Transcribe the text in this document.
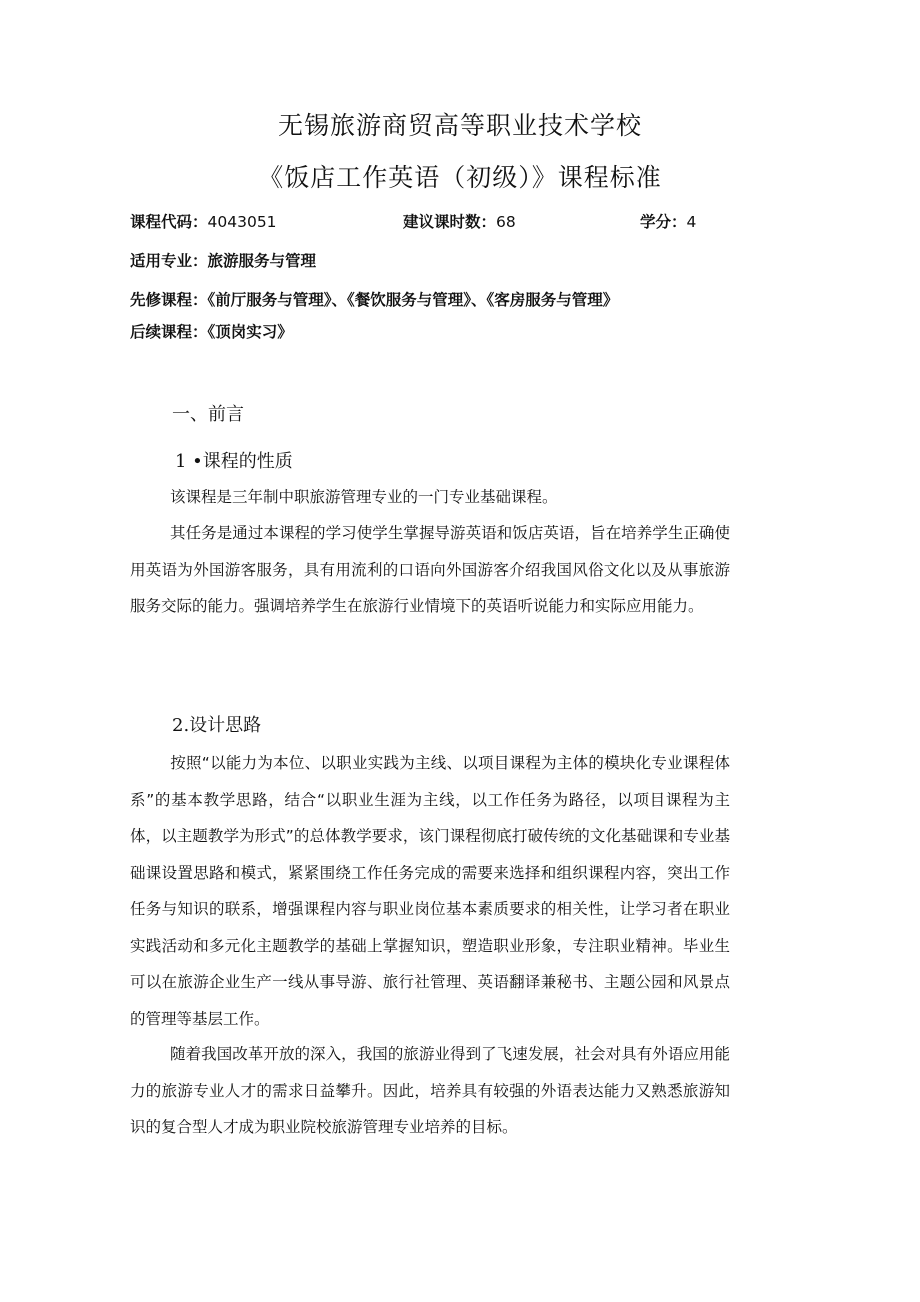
无锡旅游商贸高等职业技术学校
《饭店工作英语（初级）》课程标准
课程代码：4043051	建议课时数：68	学分：4
适用专业：旅游服务与管理
先修课程：《前厅服务与管理》、《餐饮服务与管理》、《客房服务与管理》
后续课程：《顶岗实习》
一、前言
1 •课程的性质
该课程是三年制中职旅游管理专业的一门专业基础课程。
其任务是通过本课程的学习使学生掌握导游英语和饭店英语，旨在培养学生正确使用英语为外国游客服务，具有用流利的口语向外国游客介绍我国风俗文化以及从事旅游服务交际的能力。强调培养学生在旅游行业情境下的英语听说能力和实际应用能力。
2.设计思路
按照“以能力为本位、以职业实践为主线、以项目课程为主体的模块化专业课程体系”的基本教学思路，结合“以职业生涯为主线，以工作任务为路径，以项目课程为主体，以主题教学为形式”的总体教学要求，该门课程彻底打破传统的文化基础课和专业基础课设置思路和模式，紧紧围绕工作任务完成的需要来选择和组织课程内容，突出工作任务与知识的联系，增强课程内容与职业岗位基本素质要求的相关性，让学习者在职业实践活动和多元化主题教学的基础上掌握知识，塑造职业形象，专注职业精神。毕业生可以在旅游企业生产一线从事导游、旅行社管理、英语翻译兼秘书、主题公园和风景点的管理等基层工作。
随着我国改革开放的深入，我国的旅游业得到了飞速发展，社会对具有外语应用能力的旅游专业人才的需求日益攀升。因此，培养具有较强的外语表达能力又熟悉旅游知识的复合型人才成为职业院校旅游管理专业培养的目标。
